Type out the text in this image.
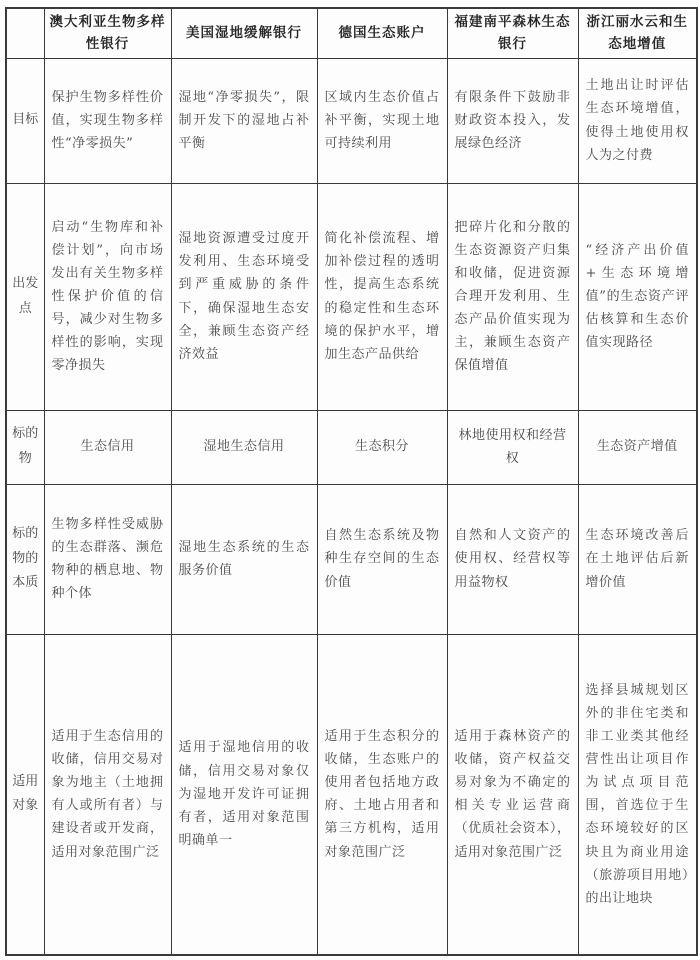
	澳大利亚生物多样性银行	美国湿地缓解银行	德国生态账户	福建南平森林生态银行	浙江丽水云和生态地增值
目标	保护生物多样性价值，实现生物多样性“净零损失”	湿地“净零损失”，限制开发下的湿地占补平衡	区域内生态价值占补平衡，实现土地可持续利用	有限条件下鼓励非财政资本投入，发展绿色经济	土地出让时评估生态环境增值，使得土地使用权人为之付费
出发点	启动“生物库和补偿计划”，向市场发出有关生物多样性保护价值的信号，减少对生物多样性的影响，实现零净损失	湿地资源遭受过度开发利用、生态环境受到严重威胁的条件下，确保湿地生态安全，兼顾生态资产经济效益	简化补偿流程、增加补偿过程的透明性，提高生态系统的稳定性和生态环境的保护水平，增加生态产品供给	把碎片化和分散的生态资源资产归集和收储，促进资源合理开发利用、生态产品价值实现为主，兼顾生态资产保值增值	“经济产出价值+生态环境增值”的生态资产评估核算和生态价值实现路径
标的物	生态信用	湿地生态信用	生态积分	林地使用权和经营权	生态资产增值
标的物的本质	生物多样性受威胁的生态群落、濒危物种的栖息地、物种个体	湿地生态系统的生态服务价值	自然生态系统及物种生存空间的生态价值	自然和人文资产的使用权、经营权等用益物权	生态环境改善后在土地评估后新增价值
适用对象	适用于生态信用的收储，信用交易对象为地主（土地拥有人或所有者）与建设者或开发商，适用对象范围广泛	适用于湿地信用的收储，信用交易对象仅为湿地开发许可证拥有者，适用对象范围明确单一	适用于生态积分的收储，生态账户的使用者包括地方政府、土地占用者和第三方机构，适用对象范围广泛	适用于森林资产的收储，资产权益交易对象为不确定的相关专业运营商（优质社会资本），适用对象范围广泛	选择县城规划区外的非住宅类和非工业类其他经营性出让项目作为试点项目范围，首选位于生态环境较好的区块且为商业用途（旅游项目用地）的出让地块
